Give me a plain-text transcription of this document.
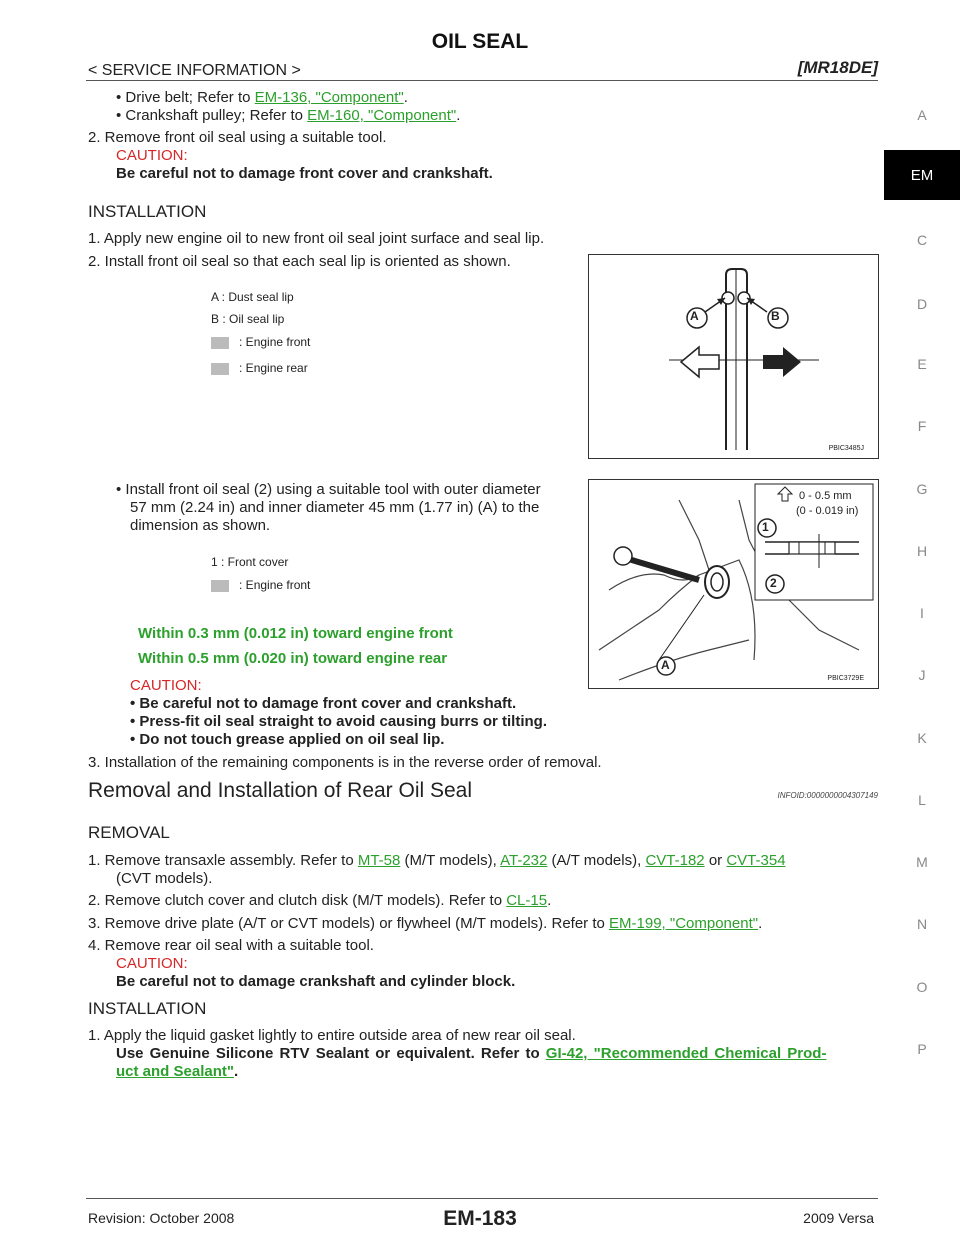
OIL SEAL
< SERVICE INFORMATION >	[MR18DE]
A
EM
C
D
E
F
G
H
I
J
K
L
M
N
O
P
• Drive belt; Refer to EM-136, "Component".
• Crankshaft pulley; Refer to EM-160, "Component".
2. Remove front oil seal using a suitable tool.
CAUTION:
Be careful not to damage front cover and crankshaft.
INSTALLATION
1. Apply new engine oil to new front oil seal joint surface and seal lip.
2. Install front oil seal so that each seal lip is oriented as shown.
A : Dust seal lip
B : Oil seal lip
: Engine front
: Engine rear
A	B
PBIC3485J
• Install front oil seal (2) using a suitable tool with outer diameter
57 mm (2.24 in) and inner diameter 45 mm (1.77 in) (A) to the
dimension as shown.
1 : Front cover
: Engine front
1
2
A
0 - 0.5 mm
(0 - 0.019 in)
PBIC3729E
Within 0.3 mm (0.012 in) toward engine front
Within 0.5 mm (0.020 in) toward engine rear
CAUTION:
• Be careful not to damage front cover and crankshaft.
• Press-fit oil seal straight to avoid causing burrs or tilting.
• Do not touch grease applied on oil seal lip.
3. Installation of the remaining components is in the reverse order of removal.
Removal and Installation of Rear Oil Seal	INFOID:0000000004307149
REMOVAL
1. Remove transaxle assembly. Refer to MT-58 (M/T models), AT-232 (A/T models), CVT-182 or CVT-354
(CVT models).
2. Remove clutch cover and clutch disk (M/T models). Refer to CL-15.
3. Remove drive plate (A/T or CVT models) or flywheel (M/T models). Refer to EM-199, "Component".
4. Remove rear oil seal with a suitable tool.
CAUTION:
Be careful not to damage crankshaft and cylinder block.
INSTALLATION
1. Apply the liquid gasket lightly to entire outside area of new rear oil seal.
Use Genuine Silicone RTV Sealant or equivalent. Refer to GI-42, "Recommended Chemical Prod-
uct and Sealant".
Revision: October 2008	EM-183	2009 Versa
